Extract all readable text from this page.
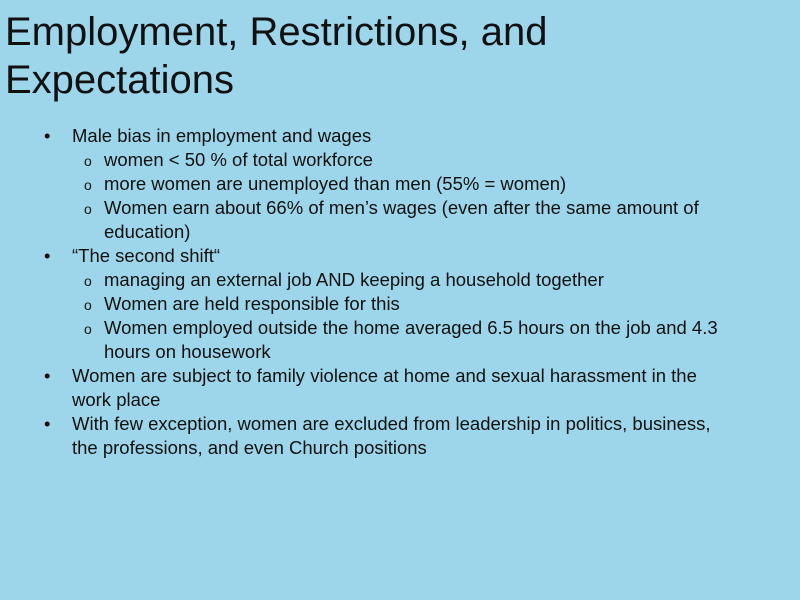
Employment, Restrictions, and Expectations
• Male bias in employment and wages
o women < 50 % of total workforce
o more women are unemployed than men (55% = women)
o Women earn about 66% of men’s wages (even after the same amount of education)
• “The second shift“
o managing an external job AND keeping a household together
o Women are held responsible for this
o Women employed outside the home averaged 6.5 hours on the job and 4.3 hours on housework
• Women are subject to family violence at home and sexual harassment in the work place
• With few exception, women are excluded from leadership in politics, business, the professions, and even Church positions
